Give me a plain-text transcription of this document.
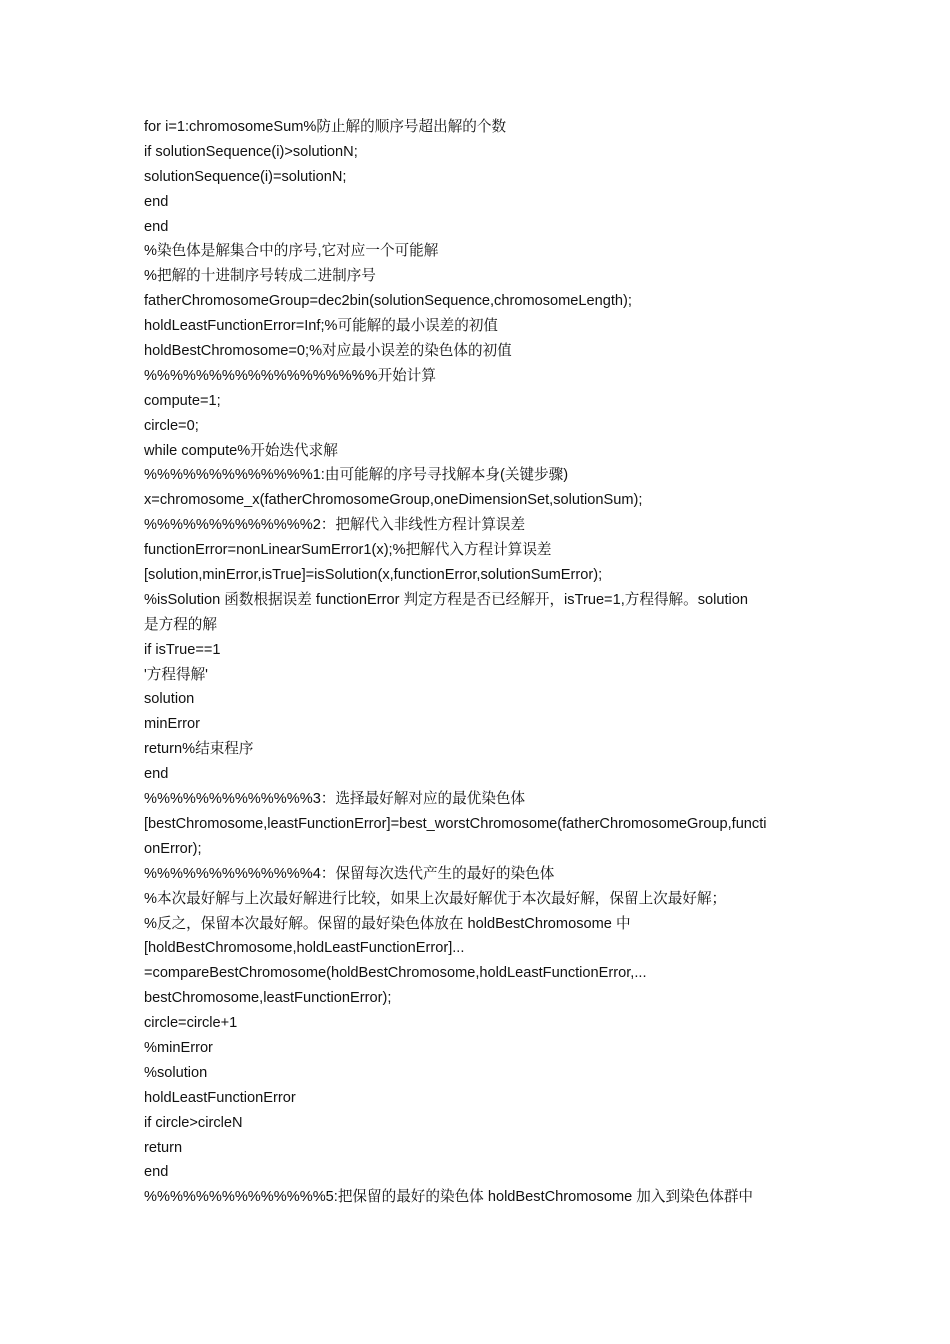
for i=1:chromosomeSum%防止解的顺序号超出解的个数
if solutionSequence(i)>solutionN;
solutionSequence(i)=solutionN;
end
end
%染色体是解集合中的序号,它对应一个可能解
%把解的十进制序号转成二进制序号
fatherChromosomeGroup=dec2bin(solutionSequence,chromosomeLength);
holdLeastFunctionError=Inf;%可能解的最小误差的初值
holdBestChromosome=0;%对应最小误差的染色体的初值
%%%%%%%%%%%%%%%%%%开始计算
compute=1;
circle=0;
while compute%开始迭代求解
%%%%%%%%%%%%%1:由可能解的序号寻找解本身(关键步骤)
x=chromosome_x(fatherChromosomeGroup,oneDimensionSet,solutionSum);
%%%%%%%%%%%%%2：把解代入非线性方程计算误差
functionError=nonLinearSumError1(x);%把解代入方程计算误差
[solution,minError,isTrue]=isSolution(x,functionError,solutionSumError);
%isSolution 函数根据误差 functionError 判定方程是否已经解开，isTrue=1,方程得解。solution
是方程的解
if isTrue==1
'方程得解'
solution
minError
return%结束程序
end
%%%%%%%%%%%%%3：选择最好解对应的最优染色体
[bestChromosome,leastFunctionError]=best_worstChromosome(fatherChromosomeGroup,functi
onError);
%%%%%%%%%%%%%4：保留每次迭代产生的最好的染色体
%本次最好解与上次最好解进行比较，如果上次最好解优于本次最好解，保留上次最好解；
%反之，保留本次最好解。保留的最好染色体放在 holdBestChromosome 中
[holdBestChromosome,holdLeastFunctionError]...
=compareBestChromosome(holdBestChromosome,holdLeastFunctionError,...
bestChromosome,leastFunctionError);
circle=circle+1
%minError
%solution
holdLeastFunctionError
if circle>circleN
return
end
%%%%%%%%%%%%%%5:把保留的最好的染色体 holdBestChromosome 加入到染色体群中
